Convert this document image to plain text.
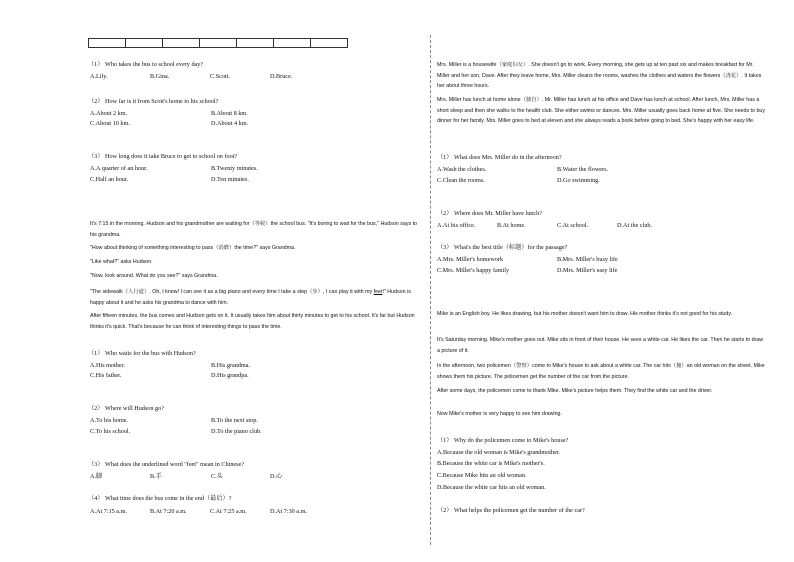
（1） Who takes the bus to school every day?
A.Lily.	B.Gina.	C.Scott.	D.Bruce.
（2） How far is it from Scott's home to his school?
A.About 2 km.	B.About 8 km.
C.About 10 km.	D.About 4 km.
（3） How long does it take Bruce to get to school on foot?
A.A quarter of an hour.	B.Twenty minutes.
C.Half an hour.	D.Ten minutes.
It's 7:15 in the morning. Hudson and his grandmother are waiting for（等候）the school bus. "It's boring to wait for the bus," Hudson says to his grandma.
"How about thinking of something interesting to pass（消磨）the time?" says Grandma.
"Like what?" asks Hudson.
"Now, look around. What do you see?" says Grandma.
"The sidewalk（人行道）. Oh, I know! I can see it as a big piano and every time I take a step（步）, I can play it with my feet!" Hudson is happy about it and he asks his grandma to dance with him.
After fifteen minutes, the bus comes and Hudson gets on it. It usually takes him about thirty minutes to get to his school. It's far but Hudson thinks it's quick. That's because he can think of interesting things to pass the time.
（1） Who waits for the bus with Hudson?
A.His mother.	B.His grandma.
C.His father.	D.His grandpa.
（2） Where will Hudson go?
A.To his home.	B.To the next stop.
C.To his school.	D.To the piano club.
（3） What does the underlined word "feet" mean in Chinese?
A.脚	B.手	C.头	D.心
（4） What time does the bus come in the end（最后）?
A.At 7:15 a.m.	B.At 7:20 a.m.	C.At 7:25 a.m.	D.At 7:30 a.m.
Mrs. Miller is a housewife（家庭妇女）. She doesn't go to work. Every morning, she gets up at ten past six and makes breakfast for Mr. Miller and her son, Dave. After they leave home, Mrs. Miller cleans the rooms, washes the clothes and waters the flowers（浇花）. It takes her about three hours.
Mrs. Miller has lunch at home alone（独自）. Mr. Miller has lunch at his office and Dave has lunch at school. After lunch, Mrs. Miller has a short sleep and then she walks to the health club. She either swims or dances. Mrs. Miller usually goes back home at five. She needs to buy dinner for her family. Mrs. Miller goes to bed at eleven and she always reads a book before going to bed. She's happy with her easy life.
（1） What does Mrs. Miller do in the afternoon?
A.Wash the clothes.	B.Water the flowers.
C.Clean the rooms.	D.Go swimming.
（2） Where does Mr. Miller have lunch?
A.At his office.	B.At home.	C.At school.	D.At the club.
（3） What's the best title（标题）for the passage?
A.Mrs. Miller's homework	B.Mrs. Miller's busy life
C.Mrs. Miller's happy family	D.Mrs. Miller's easy life
Mike is an English boy. He likes drawing, but his mother doesn't want him to draw. His mother thinks it's not good for his study.
It's Saturday morning. Mike's mother goes out. Mike sits in front of their house. He sees a white car. He likes the car. Then he starts to draw a picture of it.
In the afternoon, two policemen（警察）come to Mike's house to ask about a white car. The car hits（撞）an old woman on the street. Mike shows them his picture. The policemen get the number of the car from the picture.
After some days, the policemen come to thank Mike. Mike's picture helps them. They find the white car and the driver.
Now Mike's mother is very happy to see him drawing.
（1） Why do the policemen come to Mike's house?
A.Because the old woman is Mike's grandmother.
B.Because the white car is Mike's mother's.
C.Because Mike hits an old woman.
D.Because the white car hits an old woman.
（2） What helps the policemen get the number of the car?
